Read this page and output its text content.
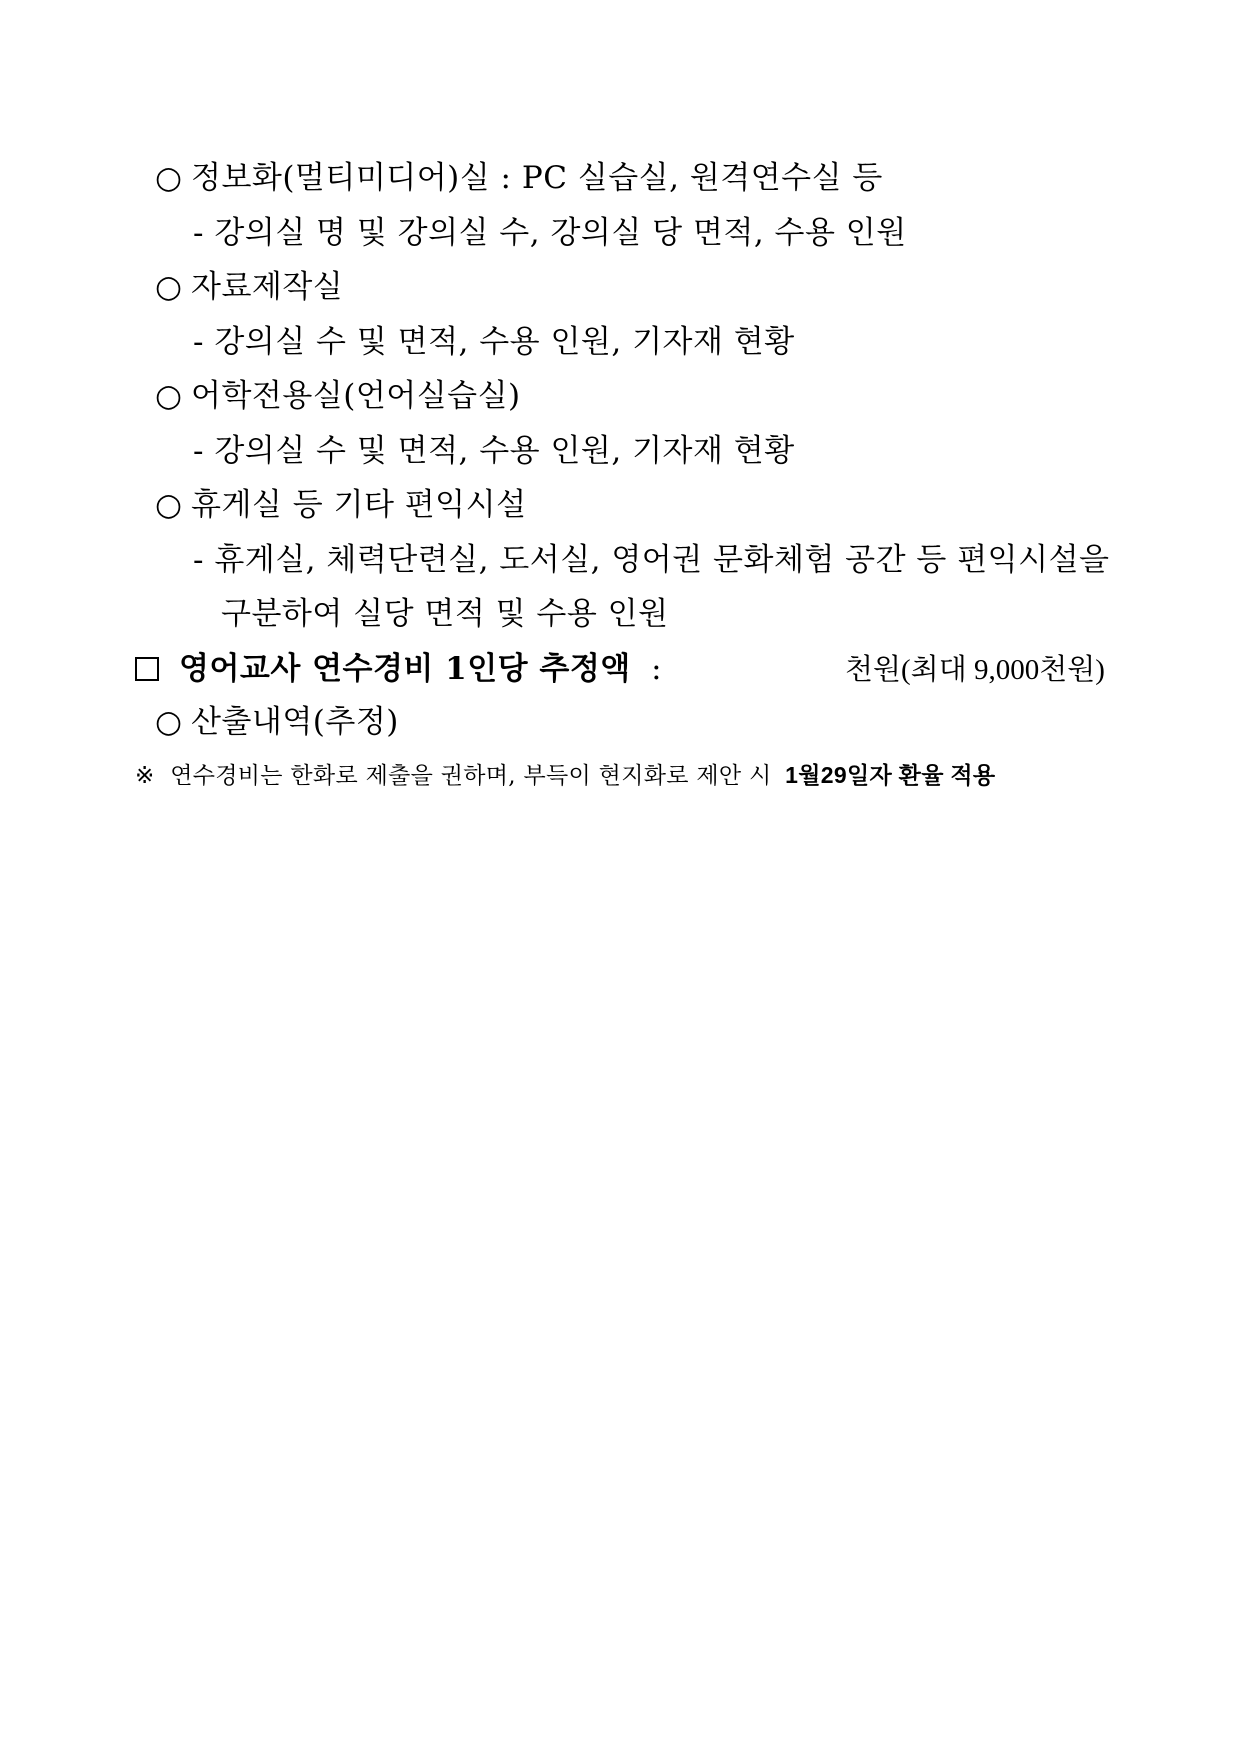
○ 정보화(멀티미디어)실 : PC 실습실, 원격연수실 등
- 강의실 명 및 강의실 수, 강의실 당 면적, 수용 인원
○ 자료제작실
- 강의실 수 및 면적, 수용 인원, 기자재 현황
○ 어학전용실(언어실습실)
- 강의실 수 및 면적, 수용 인원, 기자재 현황
○ 휴게실 등 기타 편익시설
- 휴게실, 체력단련실, 도서실, 영어권 문화체험 공간 등 편익시설을
구분하여 실당 면적 및 수용 인원
영어교사 연수경비 1인당 추정액 :	천원(최대 9,000천원)
○ 산출내역(추정)
※ 연수경비는 한화로 제출을 권하며, 부득이 현지화로 제안 시 1월29일자 환율 적용
